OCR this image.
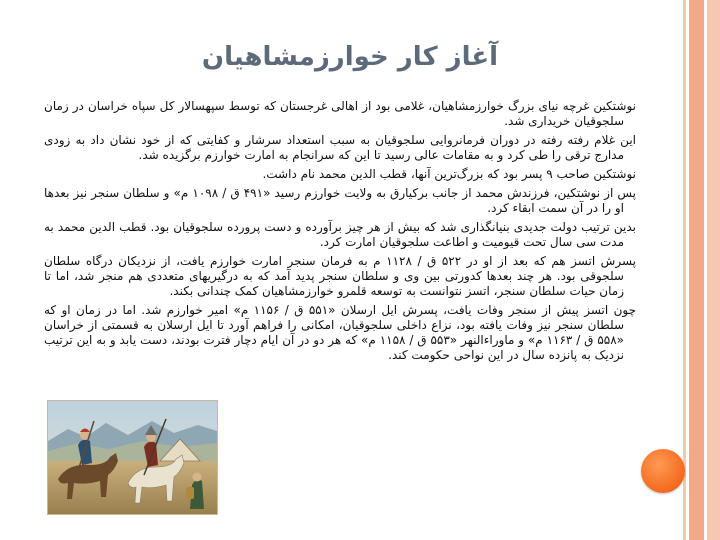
آغاز کار خوارزمشاهیان
نوشتکین غرچه نیای بزرگ خوارزمشاهیان، غلامی بود از اهالی غرجستان که توسط سپهسالار کل سپاه خراسان در زمان سلجوقیان خریداری شد.
این غلام رفته رفته در دوران فرمانروایی سلجوقیان به سبب استعداد سرشار و کفایتی که از خود نشان داد به زودی مدارج ترقی را طی کرد و به مقامات عالی رسید تا این که سرانجام به امارت خوارزم برگزیده شد.
نوشتکین صاحب ۹ پسر بود که بزرگ‌ترین آنها، قطب الدین محمد نام داشت.
پس از نوشتکین، فرزندش محمد از جانب برکیارق به ولایت خوارزم رسید «۴۹۱ ق / ۱۰۹۸ م» و سلطان سنجر نیز بعدها او را در آن سمت ابقاء کرد.
بدین ترتیب دولت جدیدی بنیانگذاری شد که بیش از هر چیز برآورده و دست پرورده سلجوقیان بود. قطب الدین محمد به مدت سی سال تحت قیومیت و اطاعت سلجوقیان امارت کرد.
پسرش اتسز هم که بعد از او در ۵۲۲ ق / ۱۱۲۸ م به فرمان سنجر امارت خوارزم یافت، از نزدیکان درگاه سلطان سلجوقی بود. هر چند بعدها کدورتی بین وی و سلطان سنجر پدید آمد که به درگیریهای متعددی هم منجر شد، اما تا زمان حیات سلطان سنجر، اتسز نتوانست به توسعه قلمرو خوارزمشاهیان کمک چندانی بکند.
چون اتسز پیش از سنجر وفات یافت، پسرش ایل ارسلان «۵۵۱ ق / ۱۱۵۶ م» امیر خوارزم شد. اما در زمان او که سلطان سنجر نیز وفات یافته بود، نزاع داخلی سلجوقیان، امکانی را فراهم آورد تا ایل ارسلان به قسمتی از خراسان «۵۵۸ ق / ۱۱۶۳ م» و ماوراءالنهر «۵۵۳ ق / ۱۱۵۸ م» که هر دو در آن ایام دچار فترت بودند، دست یابد و به این ترتیب نزدیک به پانزده سال در این نواحی حکومت کند.
